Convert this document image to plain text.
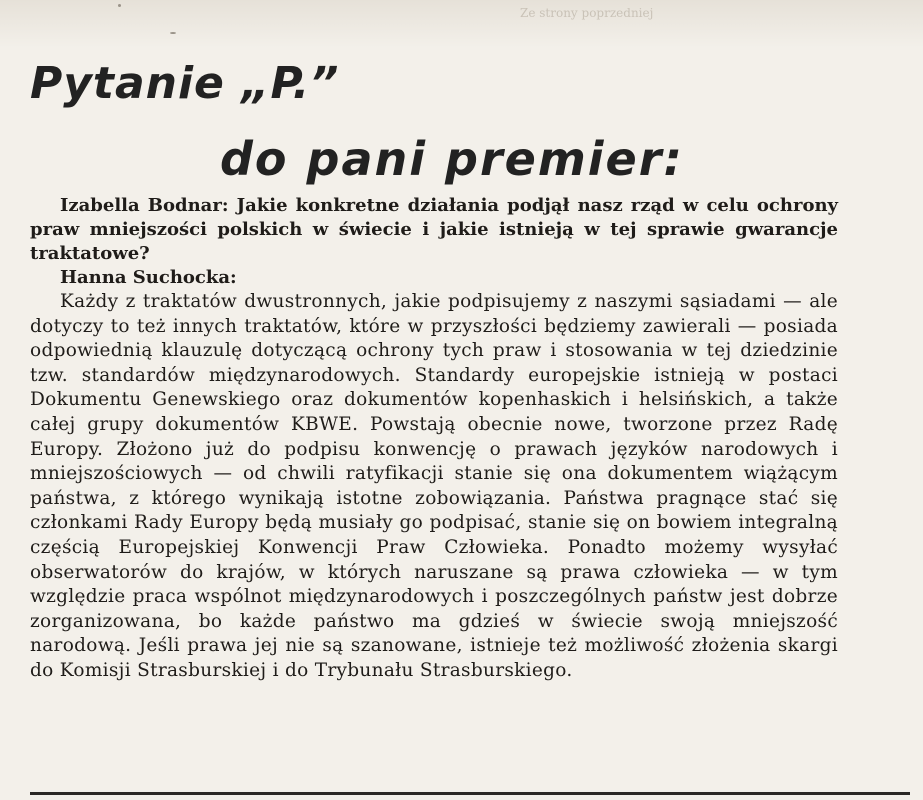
Ze strony poprzedniej
Pytanie „P.”
do pani premier:

Izabella Bodnar: Jakie konkretne działania podjął nasz rząd w celu ochrony praw mniejszości polskich w świecie i jakie istnieją w tej sprawie gwarancje traktatowe?

Hanna Suchocka:

Każdy z traktatów dwustronnych, jakie podpisujemy z naszymi sąsiadami — ale dotyczy to też innych traktatów, które w przyszłości będziemy zawierali — posiada odpowiednią klauzulę dotyczącą ochrony tych praw i stosowania w tej dziedzinie tzw. standardów międzynarodowych. Standardy europejskie istnieją w postaci Dokumentu Genewskiego oraz dokumentów kopenhaskich i helsińskich, a także całej grupy dokumentów KBWE. Powstają obecnie nowe, tworzone przez Radę Europy. Złożono już do podpisu konwencję o prawach języków narodowych i mniejszościowych — od chwili ratyfikacji stanie się ona dokumentem wiążącym państwa, z którego wynikają istotne zobowiązania. Państwa pragnące stać się członkami Rady Europy będą musiały go podpisać, stanie się on bowiem integralną częścią Europejskiej Konwencji Praw Człowieka. Ponadto możemy wysyłać obserwatorów do krajów, w których naruszane są prawa człowieka — w tym względzie praca wspólnot międzynarodowych i poszczególnych państw jest dobrze zorganizowana, bo każde państwo ma gdzieś w świecie swoją mniejszość narodową. Jeśli prawa jej nie są szanowane, istnieje też możliwość złożenia skargi do Komisji Strasburskiej i do Trybunału Strasburskiego.
